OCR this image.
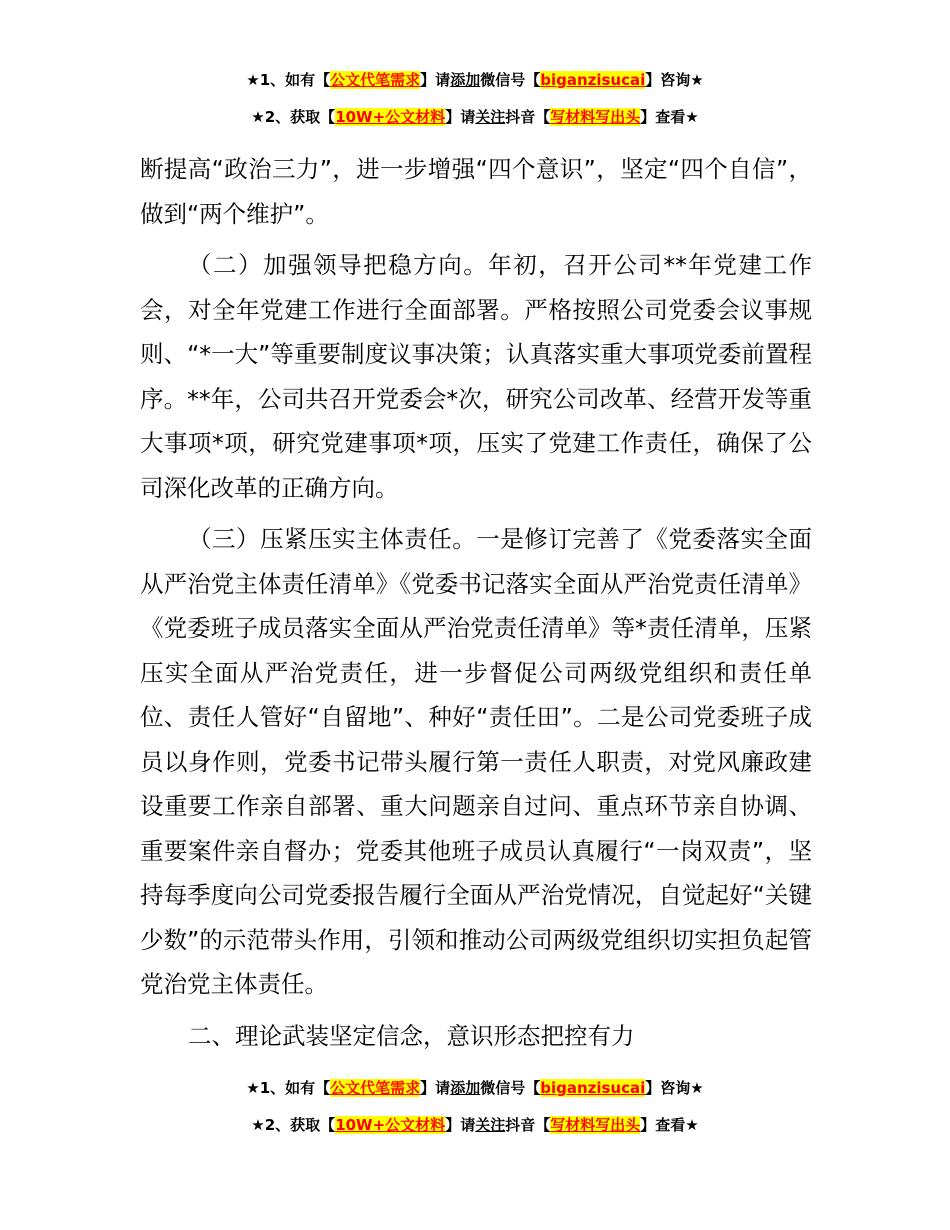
★1、如有【公文代笔需求】请添加微信号【biganzisucai】咨询★
★2、获取【10W+公文材料】请关注抖音【写材料写出头】查看★

断提高“政治三力”，进一步增强“四个意识”，坚定“四个自信”，做到“两个维护”。

（二）加强领导把稳方向。年初，召开公司**年党建工作会，对全年党建工作进行全面部署。严格按照公司党委会议事规则、“*一大”等重要制度议事决策；认真落实重大事项党委前置程序。**年，公司共召开党委会*次，研究公司改革、经营开发等重大事项*项，研究党建事项*项，压实了党建工作责任，确保了公司深化改革的正确方向。

（三）压紧压实主体责任。一是修订完善了《党委落实全面从严治党主体责任清单》《党委书记落实全面从严治党责任清单》《党委班子成员落实全面从严治党责任清单》等*责任清单，压紧压实全面从严治党责任，进一步督促公司两级党组织和责任单位、责任人管好“自留地”、种好“责任田”。二是公司党委班子成员以身作则，党委书记带头履行第一责任人职责，对党风廉政建设重要工作亲自部署、重大问题亲自过问、重点环节亲自协调、重要案件亲自督办；党委其他班子成员认真履行“一岗双责”，坚持每季度向公司党委报告履行全面从严治党情况，自觉起好“关键少数”的示范带头作用，引领和推动公司两级党组织切实担负起管党治党主体责任。

二、理论武装坚定信念，意识形态把控有力

★1、如有【公文代笔需求】请添加微信号【biganzisucai】咨询★
★2、获取【10W+公文材料】请关注抖音【写材料写出头】查看★
